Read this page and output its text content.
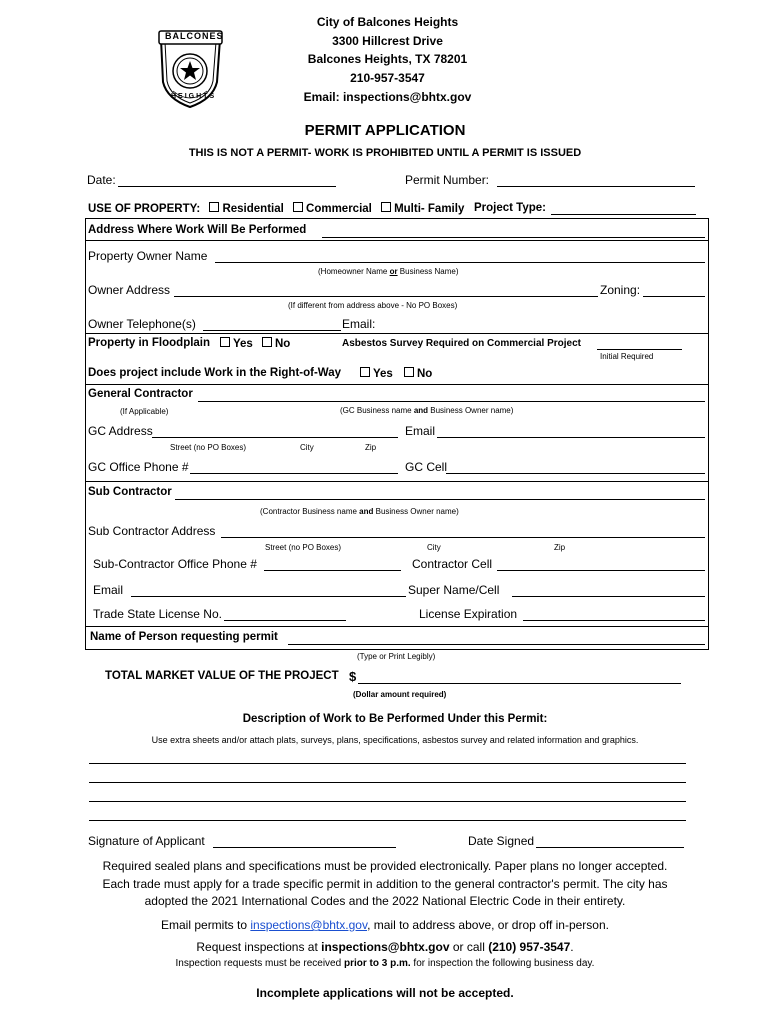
BALCONES
HEIGHTS
City of Balcones Heights
3300 Hillcrest Drive
Balcones Heights, TX 78201
210-957-3547
Email: inspections@bhtx.gov
PERMIT APPLICATION
THIS IS NOT A PERMIT- WORK IS PROHIBITED UNTIL A PERMIT IS ISSUED
Date:	Permit Number:
USE OF PROPERTY: Residential Commercial Multi- Family Project Type:
Address Where Work Will Be Performed
Property Owner Name
(Homeowner Name or Business Name)
Owner Address	Zoning:
(If different from address above - No PO Boxes)
Owner Telephone(s)	Email:
Property in Floodplain	Yes	No	Asbestos Survey Required on Commercial Project
Initial Required
Does project include Work in the Right-of-Way	Yes	No
General Contractor
(If Applicable)	(GC Business name and Business Owner name)
GC Address	Email
Street (no PO Boxes)	City	Zip
GC Office Phone #	GC Cell
Sub Contractor
(Contractor Business name and Business Owner name)
Sub Contractor Address
Street (no PO Boxes)	City	Zip
Sub-Contractor Office Phone #	Contractor Cell
Email	Super Name/Cell
Trade State License No.	License Expiration
Name of Person requesting permit
(Type or Print Legibly)
TOTAL MARKET VALUE OF THE PROJECT $
(Dollar amount required)
Description of Work to Be Performed Under this Permit:
Use extra sheets and/or attach plats, surveys, plans, specifications, asbestos survey and related information and graphics.
Signature of Applicant	Date Signed
Required sealed plans and specifications must be provided electronically. Paper plans no longer accepted.
Each trade must apply for a trade specific permit in addition to the general contractor's permit. The city has
adopted the 2021 International Codes and the 2022 National Electric Code in their entirety.
Email permits to inspections@bhtx.gov, mail to address above, or drop off in-person.
Request inspections at inspections@bhtx.gov or call (210) 957-3547.
Inspection requests must be received prior to 3 p.m. for inspection the following business day.
Incomplete applications will not be accepted.
